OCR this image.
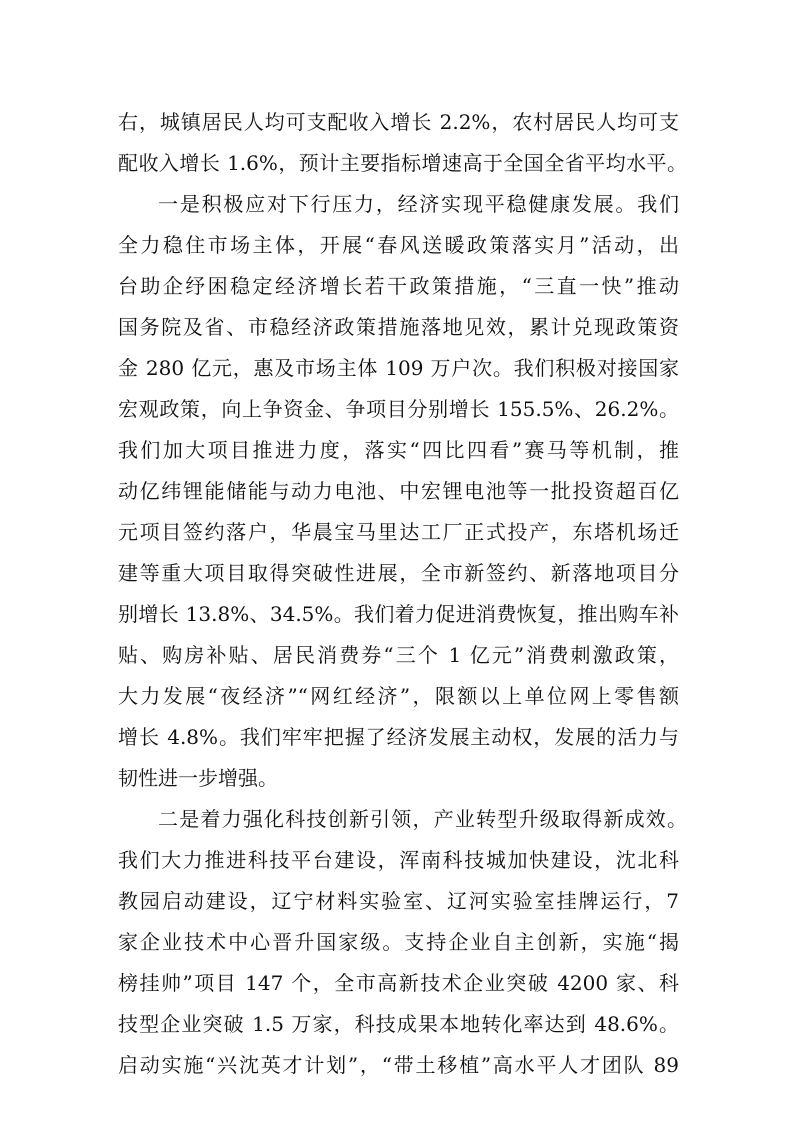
右，城镇居民人均可支配收入增长 2.2%，农村居民人均可支
配收入增长 1.6%，预计主要指标增速高于全国全省平均水平。
一是积极应对下行压力，经济实现平稳健康发展。我们
全力稳住市场主体，开展“春风送暖政策落实月”活动，出
台助企纾困稳定经济增长若干政策措施，“三直一快”推动
国务院及省、市稳经济政策措施落地见效，累计兑现政策资
金 280 亿元，惠及市场主体 109 万户次。我们积极对接国家
宏观政策，向上争资金、争项目分别增长 155.5%、26.2%。
我们加大项目推进力度，落实“四比四看”赛马等机制，推
动亿纬锂能储能与动力电池、中宏锂电池等一批投资超百亿
元项目签约落户，华晨宝马里达工厂正式投产，东塔机场迁
建等重大项目取得突破性进展，全市新签约、新落地项目分
别增长 13.8%、34.5%。我们着力促进消费恢复，推出购车补
贴、购房补贴、居民消费券“三个 1 亿元”消费刺激政策，
大力发展“夜经济”“网红经济”，限额以上单位网上零售额
增长 4.8%。我们牢牢把握了经济发展主动权，发展的活力与
韧性进一步增强。
二是着力强化科技创新引领，产业转型升级取得新成效。
我们大力推进科技平台建设，浑南科技城加快建设，沈北科
教园启动建设，辽宁材料实验室、辽河实验室挂牌运行，7
家企业技术中心晋升国家级。支持企业自主创新，实施“揭
榜挂帅”项目 147 个，全市高新技术企业突破 4200 家、科
技型企业突破 1.5 万家，科技成果本地转化率达到 48.6%。
启动实施“兴沈英才计划”，“带土移植”高水平人才团队 89
